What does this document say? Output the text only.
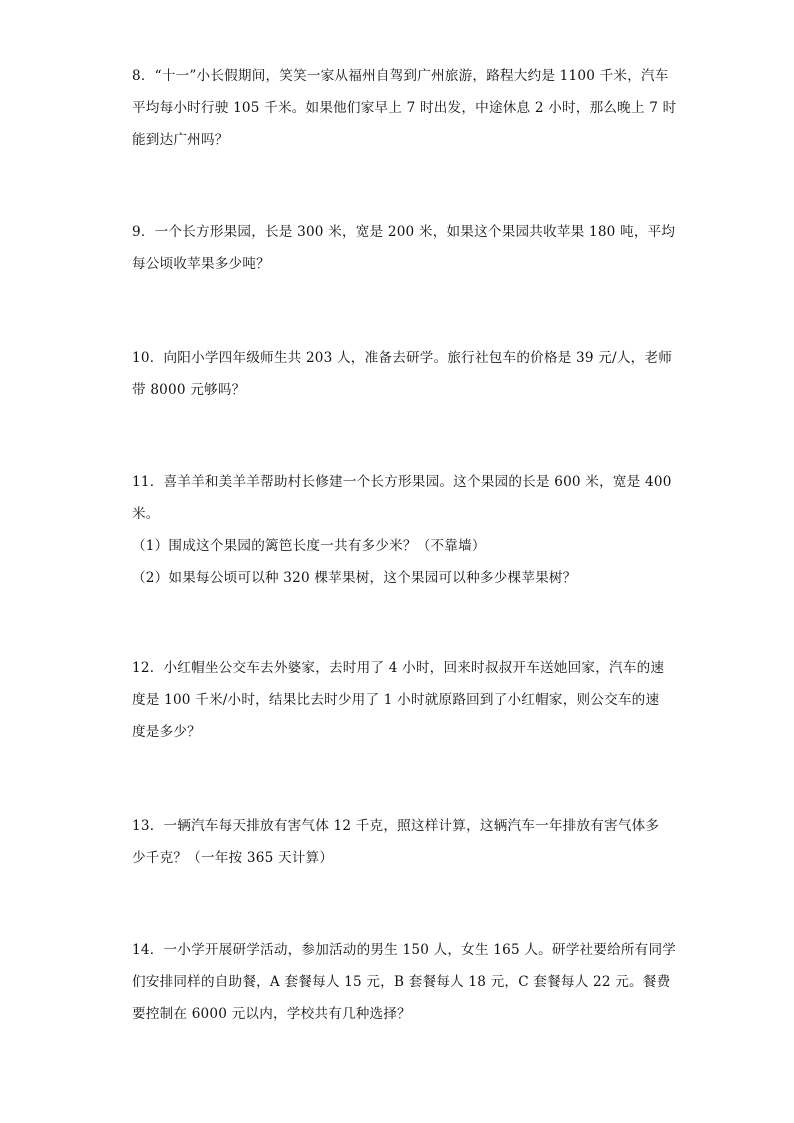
8．“十一”小长假期间，笑笑一家从福州自驾到广州旅游，路程大约是 1100 千米，汽车
平均每小时行驶 105 千米。如果他们家早上 7 时出发，中途休息 2 小时，那么晚上 7 时
能到达广州吗？
9．一个长方形果园，长是 300 米，宽是 200 米，如果这个果园共收苹果 180 吨，平均
每公顷收苹果多少吨？
10．向阳小学四年级师生共 203 人，准备去研学。旅行社包车的价格是 39 元/人，老师
带 8000 元够吗？
11．喜羊羊和美羊羊帮助村长修建一个长方形果园。这个果园的长是 600 米，宽是 400
米。
（1）围成这个果园的篱笆长度一共有多少米？（不靠墙）
（2）如果每公顷可以种 320 棵苹果树，这个果园可以种多少棵苹果树？
12．小红帽坐公交车去外婆家，去时用了 4 小时，回来时叔叔开车送她回家，汽车的速
度是 100 千米/小时，结果比去时少用了 1 小时就原路回到了小红帽家，则公交车的速
度是多少？
13．一辆汽车每天排放有害气体 12 千克，照这样计算，这辆汽车一年排放有害气体多
少千克？（一年按 365 天计算）
14．一小学开展研学活动，参加活动的男生 150 人，女生 165 人。研学社要给所有同学
们安排同样的自助餐，A 套餐每人 15 元，B 套餐每人 18 元，C 套餐每人 22 元。餐费
要控制在 6000 元以内，学校共有几种选择？
